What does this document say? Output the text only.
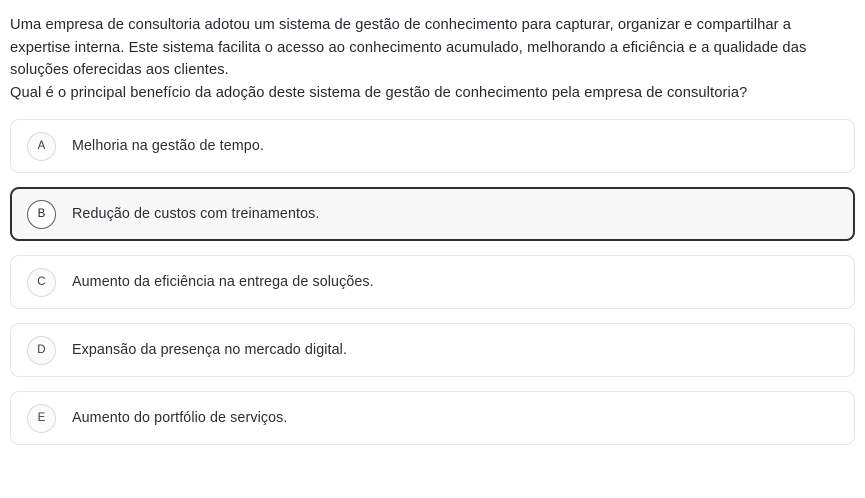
Uma empresa de consultoria adotou um sistema de gestão de conhecimento para capturar, organizar e compartilhar a expertise interna. Este sistema facilita o acesso ao conhecimento acumulado, melhorando a eficiência e a qualidade das soluções oferecidas aos clientes.

Qual é o principal benefício da adoção deste sistema de gestão de conhecimento pela empresa de consultoria?

A	Melhoria na gestão de tempo.
B	Redução de custos com treinamentos.
C	Aumento da eficiência na entrega de soluções.
D	Expansão da presença no mercado digital.
E	Aumento do portfólio de serviços.
